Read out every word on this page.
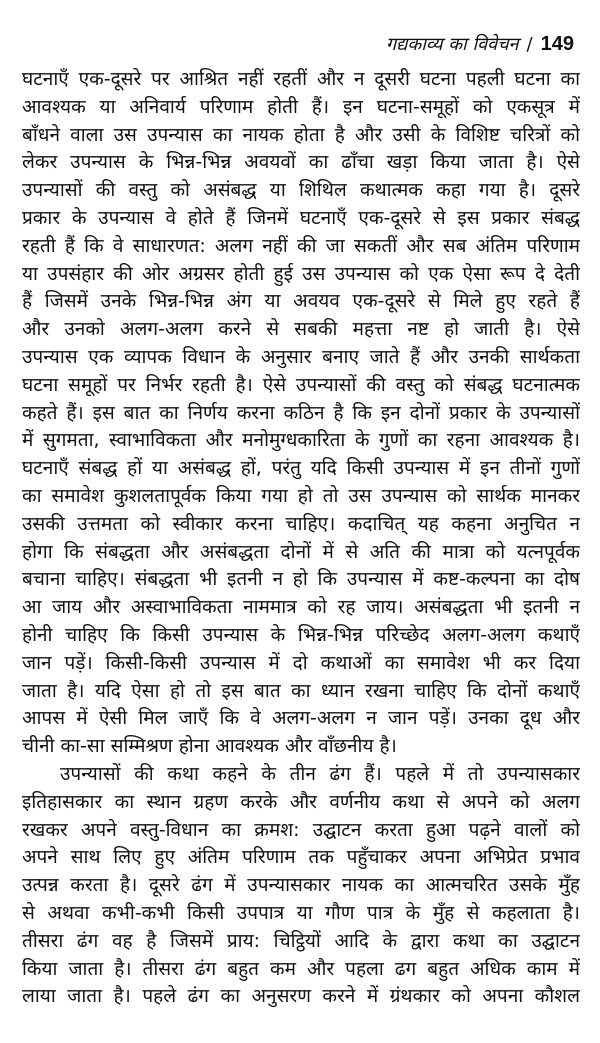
गद्यकाव्य का विवेचन / 149
घटनाएँ एक-दूसरे पर आश्रित नहीं रहतीं और न दूसरी घटना पहली घटना का
आवश्यक या अनिवार्य परिणाम होती हैं। इन घटना-समूहों को एकसूत्र में
बाँधने वाला उस उपन्यास का नायक होता है और उसी के विशिष्ट चरित्रों को
लेकर उपन्यास के भिन्न-भिन्न अवयवों का ढाँचा खड़ा किया जाता है। ऐसे
उपन्यासों की वस्तु को असंबद्ध या शिथिल कथात्मक कहा गया है। दूसरे
प्रकार के उपन्यास वे होते हैं जिनमें घटनाएँ एक-दूसरे से इस प्रकार संबद्ध
रहती हैं कि वे साधारणत: अलग नहीं की जा सकतीं और सब अंतिम परिणाम
या उपसंहार की ओर अग्रसर होती हुई उस उपन्यास को एक ऐसा रूप दे देती
हैं जिसमें उनके भिन्न-भिन्न अंग या अवयव एक-दूसरे से मिले हुए रहते हैं
और उनको अलग-अलग करने से सबकी महत्ता नष्ट हो जाती है। ऐसे
उपन्यास एक व्यापक विधान के अनुसार बनाए जाते हैं और उनकी सार्थकता
घटना समूहों पर निर्भर रहती है। ऐसे उपन्यासों की वस्तु को संबद्ध घटनात्मक
कहते हैं। इस बात का निर्णय करना कठिन है कि इन दोनों प्रकार के उपन्यासों
में सुगमता, स्वाभाविकता और मनोमुग्धकारिता के गुणों का रहना आवश्यक है।
घटनाएँ संबद्ध हों या असंबद्ध हों, परंतु यदि किसी उपन्यास में इन तीनों गुणों
का समावेश कुशलतापूर्वक किया गया हो तो उस उपन्यास को सार्थक मानकर
उसकी उत्तमता को स्वीकार करना चाहिए। कदाचित् यह कहना अनुचित न
होगा कि संबद्धता और असंबद्धता दोनों में से अति की मात्रा को यत्नपूर्वक
बचाना चाहिए। संबद्धता भी इतनी न हो कि उपन्यास में कष्ट-कल्पना का दोष
आ जाय और अस्वाभाविकता नाममात्र को रह जाय। असंबद्धता भी इतनी न
होनी चाहिए कि किसी उपन्यास के भिन्न-भिन्न परिच्छेद अलग-अलग कथाएँ
जान पड़ें। किसी-किसी उपन्यास में दो कथाओं का समावेश भी कर दिया
जाता है। यदि ऐसा हो तो इस बात का ध्यान रखना चाहिए कि दोनों कथाएँ
आपस में ऐसी मिल जाएँ कि वे अलग-अलग न जान पड़ें। उनका दूध और
चीनी का-सा सम्मिश्रण होना आवश्यक और वाँछनीय है।
उपन्यासों की कथा कहने के तीन ढंग हैं। पहले में तो उपन्यासकार
इतिहासकार का स्थान ग्रहण करके और वर्णनीय कथा से अपने को अलग
रखकर अपने वस्तु-विधान का क्रमश: उद्घाटन करता हुआ पढ़ने वालों को
अपने साथ लिए हुए अंतिम परिणाम तक पहुँचाकर अपना अभिप्रेत प्रभाव
उत्पन्न करता है। दूसरे ढंग में उपन्यासकार नायक का आत्मचरित उसके मुँह
से अथवा कभी-कभी किसी उपपात्र या गौण पात्र के मुँह से कहलाता है।
तीसरा ढंग वह है जिसमें प्राय: चिट्ठियों आदि के द्वारा कथा का उद्घाटन
किया जाता है। तीसरा ढंग बहुत कम और पहला ढग बहुत अधिक काम में
लाया जाता है। पहले ढंग का अनुसरण करने में ग्रंथकार को अपना कौशल
